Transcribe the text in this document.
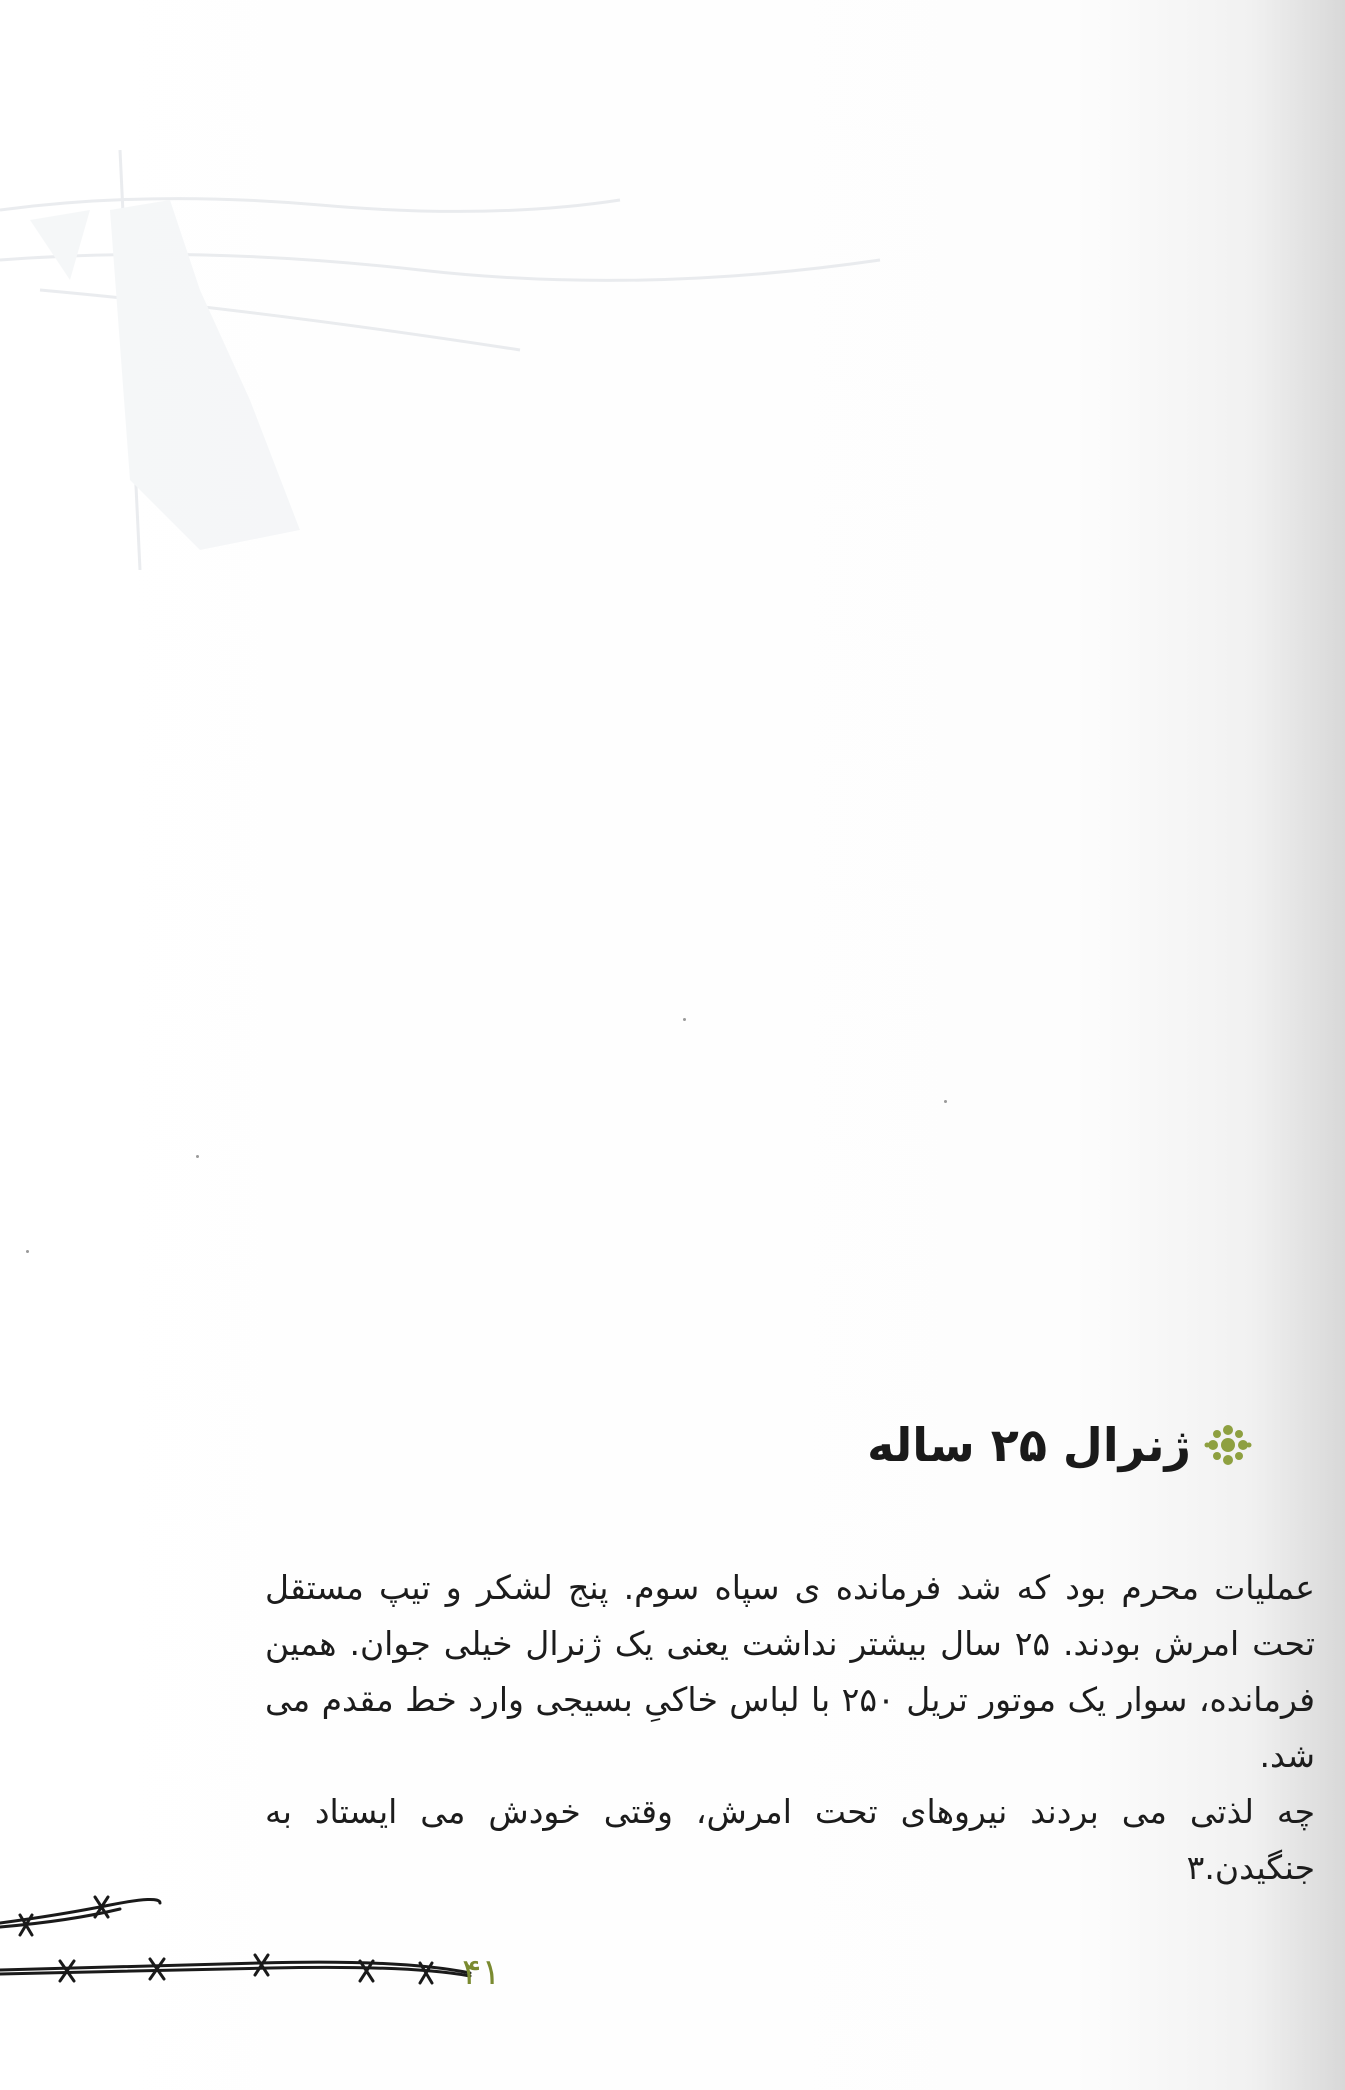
ژنرال ۲۵ ساله

عملیات محرم بود که شد فرمانده ی سپاه سوم. پنج لشکر و تیپ مستقل تحت امرش بودند. ۲۵ سال بیشتر نداشت یعنی یک ژنرال خیلی جوان. همین فرمانده، سوار یک موتور تریل ۲۵۰ با لباس خاکیِ بسیجی وارد خط مقدم می شد.

چه لذتی می بردند نیروهای تحت امرش، وقتی خودش می ایستاد به جنگیدن.۳

۴۱
